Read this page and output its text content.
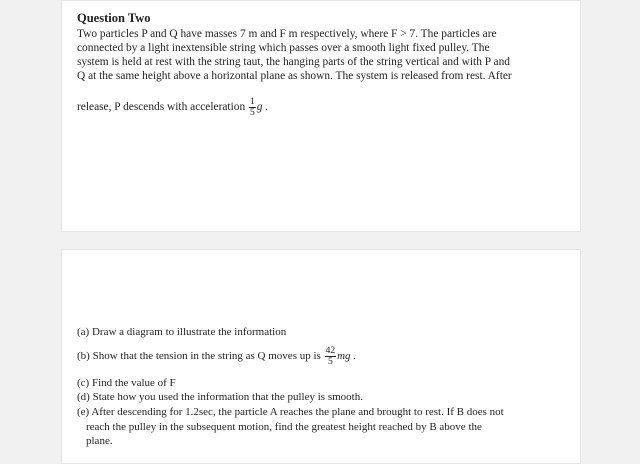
Question Two
Two particles P and Q have masses 7 m and F m respectively, where F > 7. The particles are
connected by a light inextensible string which passes over a smooth light fixed pulley. The
system is held at rest with the string taut, the hanging parts of the string vertical and with P and
Q at the same height above a horizontal plane as shown. The system is released from rest. After
release, P descends with acceleration $\frac{1}{5}$ g .
(a) Draw a diagram to illustrate the information
(b) Show that the tension in the string as Q moves up is $\frac{42}{5}$ mg .
(c) Find the value of F
(d) State how you used the information that the pulley is smooth.
(e) After descending for 1.2sec, the particle A reaches the plane and brought to rest. If B does not
reach the pulley in the subsequent motion, find the greatest height reached by B above the
plane.
